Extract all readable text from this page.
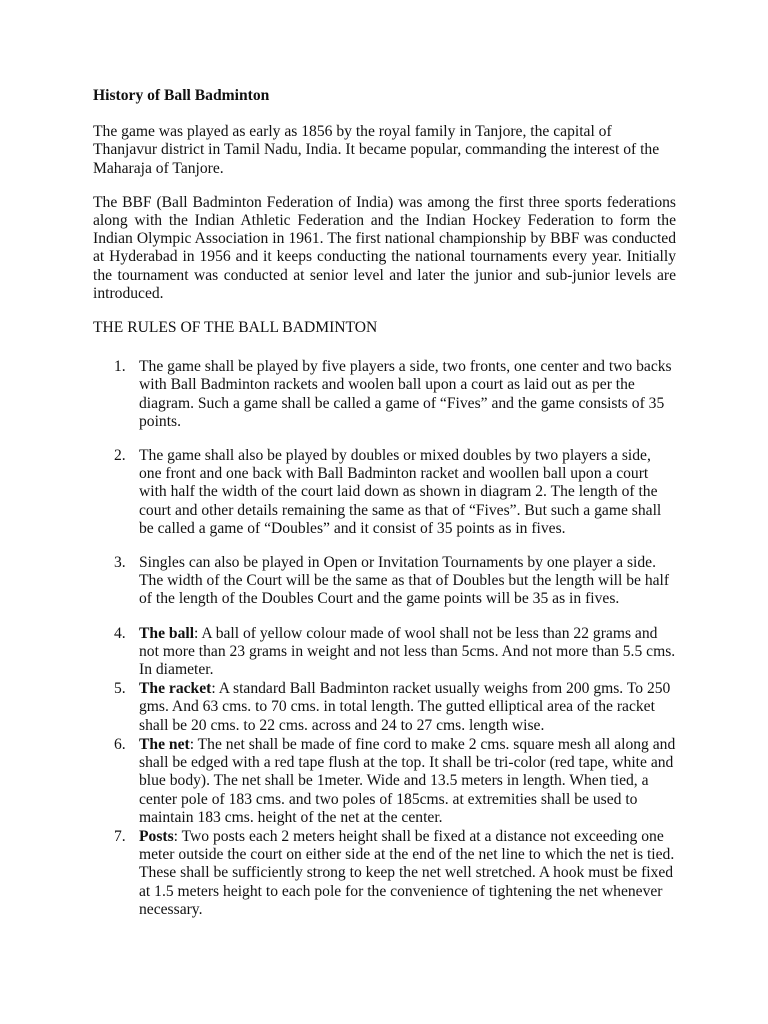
History of Ball Badminton

The game was played as early as 1856 by the royal family in Tanjore, the capital of Thanjavur district in Tamil Nadu, India. It became popular, commanding the interest of the Maharaja of Tanjore.

The BBF (Ball Badminton Federation of India) was among the first three sports federations along with the Indian Athletic Federation and the Indian Hockey Federation to form the Indian Olympic Association in 1961. The first national championship by BBF was conducted at Hyderabad in 1956 and it keeps conducting the national tournaments every year. Initially the tournament was conducted at senior level and later the junior and sub-junior levels are introduced.

THE RULES OF THE BALL BADMINTON
1. The game shall be played by five players a side, two fronts, one center and two backs with Ball Badminton rackets and woolen ball upon a court as laid out as per the diagram. Such a game shall be called a game of “Fives” and the game consists of 35 points.
2. The game shall also be played by doubles or mixed doubles by two players a side, one front and one back with Ball Badminton racket and woollen ball upon a court with half the width of the court laid down as shown in diagram 2. The length of the court and other details remaining the same as that of “Fives”. But such a game shall be called a game of “Doubles” and it consist of 35 points as in fives.
3. Singles can also be played in Open or Invitation Tournaments by one player a side. The width of the Court will be the same as that of Doubles but the length will be half of the length of the Doubles Court and the game points will be 35 as in fives.
4. The ball: A ball of yellow colour made of wool shall not be less than 22 grams and not more than 23 grams in weight and not less than 5cms. And not more than 5.5 cms. In diameter.
5. The racket: A standard Ball Badminton racket usually weighs from 200 gms. To 250 gms. And 63 cms. to 70 cms. in total length. The gutted elliptical area of the racket shall be 20 cms. to 22 cms. across and 24 to 27 cms. length wise.
6. The net: The net shall be made of fine cord to make 2 cms. square mesh all along and shall be edged with a red tape flush at the top. It shall be tri-color (red tape, white and blue body). The net shall be 1meter. Wide and 13.5 meters in length. When tied, a center pole of 183 cms. and two poles of 185cms. at extremities shall be used to maintain 183 cms. height of the net at the center.
7. Posts: Two posts each 2 meters height shall be fixed at a distance not exceeding one meter outside the court on either side at the end of the net line to which the net is tied. These shall be sufficiently strong to keep the net well stretched. A hook must be fixed at 1.5 meters height to each pole for the convenience of tightening the net whenever necessary.
